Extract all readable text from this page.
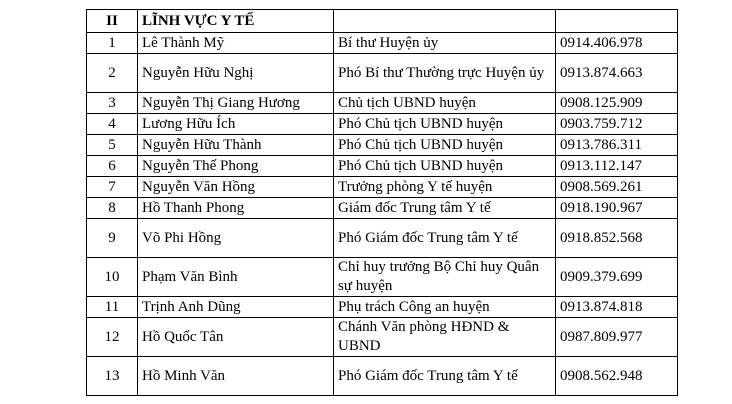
II	LĨNH VỰC Y TẾ		
1	Lê Thành Mỹ	Bí thư Huyện ủy	0914.406.978
2	Nguyễn Hữu Nghị	Phó Bí thư Thường trực Huyện ủy	0913.874.663
3	Nguyễn Thị Giang Hương	Chủ tịch UBND huyện	0908.125.909
4	Lương Hữu Ích	Phó Chủ tịch UBND huyện	0903.759.712
5	Nguyễn Hữu Thành	Phó Chủ tịch UBND huyện	0913.786.311
6	Nguyễn Thế Phong	Phó Chủ tịch UBND huyện	0913.112.147
7	Nguyễn Văn Hồng	Trưởng phòng Y tế huyện	0908.569.261
8	Hồ Thanh Phong	Giám đốc Trung tâm Y tế	0918.190.967
9	Võ Phi Hồng	Phó Giám đốc Trung tâm Y tế	0918.852.568
10	Phạm Văn Bình	Chỉ huy trưởng Bộ Chỉ huy Quân sự huyện	0909.379.699
11	Trịnh Anh Dũng	Phụ trách Công an huyện	0913.874.818
12	Hồ Quốc Tân	Chánh Văn phòng HĐND & UBND	0987.809.977
13	Hồ Minh Văn	Phó Giám đốc Trung tâm Y tế	0908.562.948
